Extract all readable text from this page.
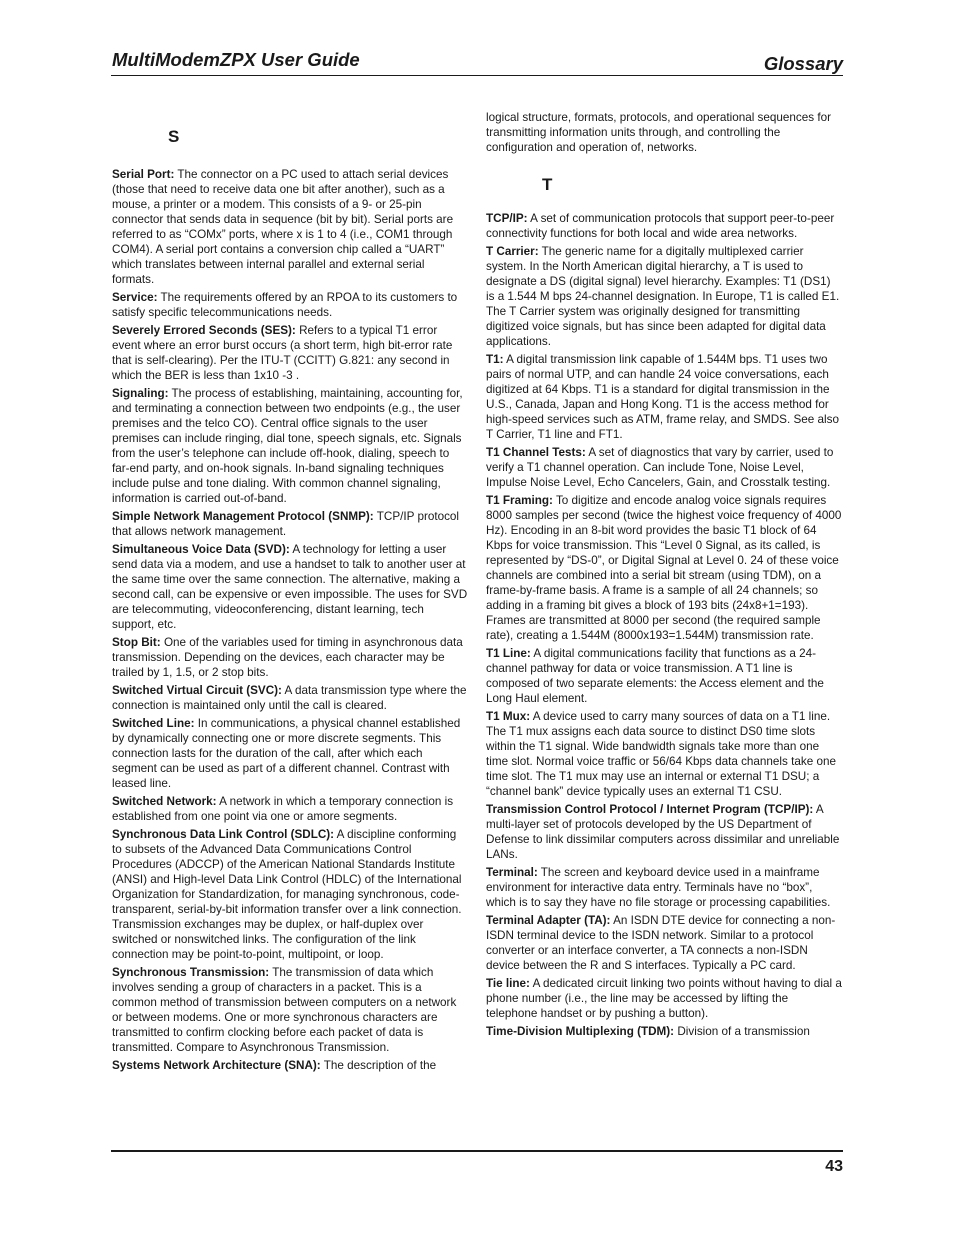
MultiModemZPX User Guide	Glossary
S
Serial Port: The connector on a PC used to attach serial devices (those that need to receive data one bit after another), such as a mouse, a printer or a modem. This consists of a 9- or 25-pin connector that sends data in sequence (bit by bit). Serial ports are referred to as “COMx” ports, where x is 1 to 4 (i.e., COM1 through COM4). A serial port contains a conversion chip called a “UART” which translates between internal parallel and external serial formats.
Service: The requirements offered by an RPOA to its customers to satisfy specific telecommunications needs.
Severely Errored Seconds (SES): Refers to a typical T1 error event where an error burst occurs (a short term, high bit-error rate that is self-clearing). Per the ITU-T (CCITT) G.821: any second in which the BER is less than 1x10 -3 .
Signaling: The process of establishing, maintaining, accounting for, and terminating a connection between two endpoints (e.g., the user premises and the telco CO). Central office signals to the user premises can include ringing, dial tone, speech signals, etc. Signals from the user’s telephone can include off-hook, dialing, speech to far-end party, and on-hook signals. In-band signaling techniques include pulse and tone dialing. With common channel signaling, information is carried out-of-band.
Simple Network Management Protocol (SNMP): TCP/IP protocol that allows network management.
Simultaneous Voice Data (SVD): A technology for letting a user send data via a modem, and use a handset to talk to another user at the same time over the same connection. The alternative, making a second call, can be expensive or even impossible. The uses for SVD are telecommuting, videoconferencing, distant learning, tech support, etc.
Stop Bit: One of the variables used for timing in asynchronous data transmission. Depending on the devices, each character may be trailed by 1, 1.5, or 2 stop bits.
Switched Virtual Circuit (SVC): A data transmission type where the connection is maintained only until the call is cleared.
Switched Line: In communications, a physical channel established by dynamically connecting one or more discrete segments. This connection lasts for the duration of the call, after which each segment can be used as part of a different channel. Contrast with leased line.
Switched Network: A network in which a temporary connection is established from one point via one or amore segments.
Synchronous Data Link Control (SDLC): A discipline conforming to subsets of the Advanced Data Communications Control Procedures (ADCCP) of the American National Standards Institute (ANSI) and High-level Data Link Control (HDLC) of the International Organization for Standardization, for managing synchronous, code-transparent, serial-by-bit information transfer over a link connection. Transmission exchanges may be duplex, or half-duplex over switched or nonswitched links. The configuration of the link connection may be point-to-point, multipoint, or loop.
Synchronous Transmission: The transmission of data which involves sending a group of characters in a packet. This is a common method of transmission between computers on a network or between modems. One or more synchronous characters are transmitted to confirm clocking before each packet of data is transmitted. Compare to Asynchronous Transmission.
Systems Network Architecture (SNA): The description of the
logical structure, formats, protocols, and operational sequences for transmitting information units through, and controlling the configuration and operation of, networks.
T
TCP/IP: A set of communication protocols that support peer-to-peer connectivity functions for both local and wide area networks.
T Carrier: The generic name for a digitally multiplexed carrier system. In the North American digital hierarchy, a T is used to designate a DS (digital signal) level hierarchy. Examples: T1 (DS1) is a 1.544 M bps 24-channel designation. In Europe, T1 is called E1. The T Carrier system was originally designed for transmitting digitized voice signals, but has since been adapted for digital data applications.
T1: A digital transmission link capable of 1.544M bps. T1 uses two pairs of normal UTP, and can handle 24 voice conversations, each digitized at 64 Kbps. T1 is a standard for digital transmission in the U.S., Canada, Japan and Hong Kong. T1 is the access method for high-speed services such as ATM, frame relay, and SMDS. See also T Carrier, T1 line and FT1.
T1 Channel Tests: A set of diagnostics that vary by carrier, used to verify a T1 channel operation. Can include Tone, Noise Level, Impulse Noise Level, Echo Cancelers, Gain, and Crosstalk testing.
T1 Framing: To digitize and encode analog voice signals requires 8000 samples per second (twice the highest voice frequency of 4000 Hz). Encoding in an 8-bit word provides the basic T1 block of 64 Kbps for voice transmission. This “Level 0 Signal, as its called, is represented by “DS-0”, or Digital Signal at Level 0. 24 of these voice channels are combined into a serial bit stream (using TDM), on a frame-by-frame basis. A frame is a sample of all 24 channels; so adding in a framing bit gives a block of 193 bits (24x8+1=193). Frames are transmitted at 8000 per second (the required sample rate), creating a 1.544M (8000x193=1.544M) transmission rate.
T1 Line: A digital communications facility that functions as a 24-channel pathway for data or voice transmission. A T1 line is composed of two separate elements: the Access element and the Long Haul element.
T1 Mux: A device used to carry many sources of data on a T1 line. The T1 mux assigns each data source to distinct DS0 time slots within the T1 signal. Wide bandwidth signals take more than one time slot. Normal voice traffic or 56/64 Kbps data channels take one time slot. The T1 mux may use an internal or external T1 DSU; a “channel bank” device typically uses an external T1 CSU.
Transmission Control Protocol / Internet Program (TCP/IP): A multi-layer set of protocols developed by the US Department of Defense to link dissimilar computers across dissimilar and unreliable LANs.
Terminal: The screen and keyboard device used in a mainframe environment for interactive data entry. Terminals have no “box”, which is to say they have no file storage or processing capabilities.
Terminal Adapter (TA): An ISDN DTE device for connecting a non-ISDN terminal device to the ISDN network. Similar to a protocol converter or an interface converter, a TA connects a non-ISDN device between the R and S interfaces. Typically a PC card.
Tie line: A dedicated circuit linking two points without having to dial a phone number (i.e., the line may be accessed by lifting the telephone handset or by pushing a button).
Time-Division Multiplexing (TDM): Division of a transmission
43
